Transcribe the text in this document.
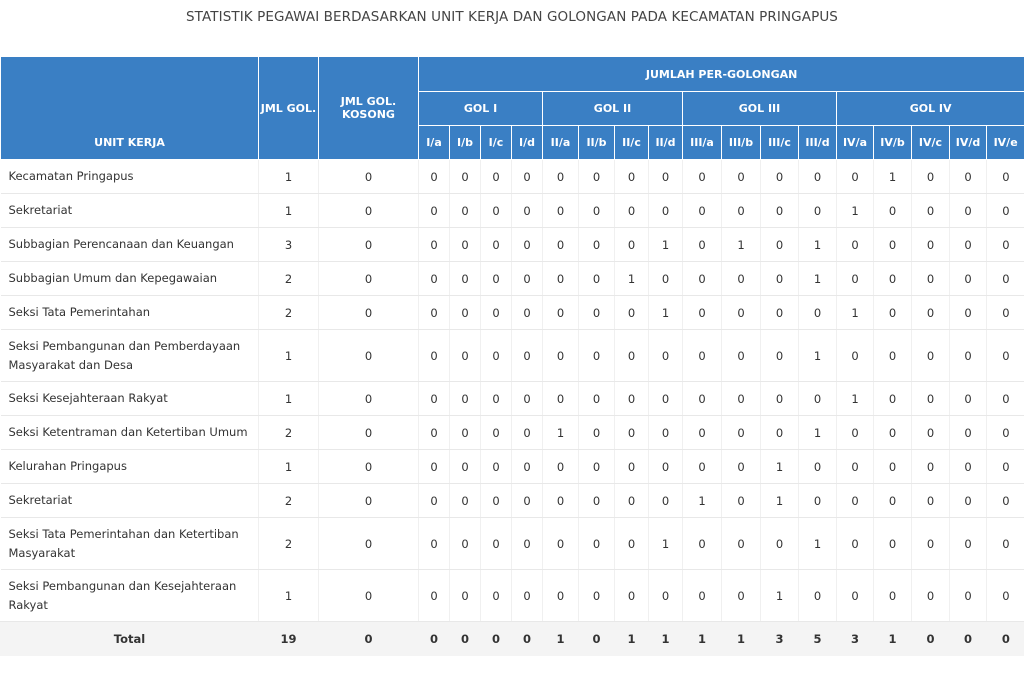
STATISTIK PEGAWAI BERDASARKAN UNIT KERJA DAN GOLONGAN PADA KECAMATAN PRINGAPUS
UNIT KERJA	JML GOL.	JML GOL. KOSONG	JUMLAH PER-GOLONGAN																
			GOL I				GOL II				GOL III				GOL IV				
			I/a	I/b	I/c	I/d	II/a	II/b	II/c	II/d	III/a	III/b	III/c	III/d	IV/a	IV/b	IV/c	IV/d	IV/e
Kecamatan Pringapus	1	0	0	0	0	0	0	0	0	0	0	0	0	0	0	1	0	0	0
Sekretariat	1	0	0	0	0	0	0	0	0	0	0	0	0	0	1	0	0	0	0
Subbagian Perencanaan dan Keuangan	3	0	0	0	0	0	0	0	0	1	0	1	0	1	0	0	0	0	0
Subbagian Umum dan Kepegawaian	2	0	0	0	0	0	0	0	1	0	0	0	0	1	0	0	0	0	0
Seksi Tata Pemerintahan	2	0	0	0	0	0	0	0	0	1	0	0	0	0	1	0	0	0	0
Seksi Pembangunan dan Pemberdayaan Masyarakat dan Desa	1	0	0	0	0	0	0	0	0	0	0	0	0	1	0	0	0	0	0
Seksi Kesejahteraan Rakyat	1	0	0	0	0	0	0	0	0	0	0	0	0	0	1	0	0	0	0
Seksi Ketentraman dan Ketertiban Umum	2	0	0	0	0	0	1	0	0	0	0	0	0	1	0	0	0	0	0
Kelurahan Pringapus	1	0	0	0	0	0	0	0	0	0	0	0	1	0	0	0	0	0	0
Sekretariat	2	0	0	0	0	0	0	0	0	0	1	0	1	0	0	0	0	0	0
Seksi Tata Pemerintahan dan Ketertiban Masyarakat	2	0	0	0	0	0	0	0	0	1	0	0	0	1	0	0	0	0	0
Seksi Pembangunan dan Kesejahteraan Rakyat	1	0	0	0	0	0	0	0	0	0	0	0	1	0	0	0	0	0	0
Total	19	0	0	0	0	0	1	0	1	1	1	1	3	5	3	1	0	0	0
